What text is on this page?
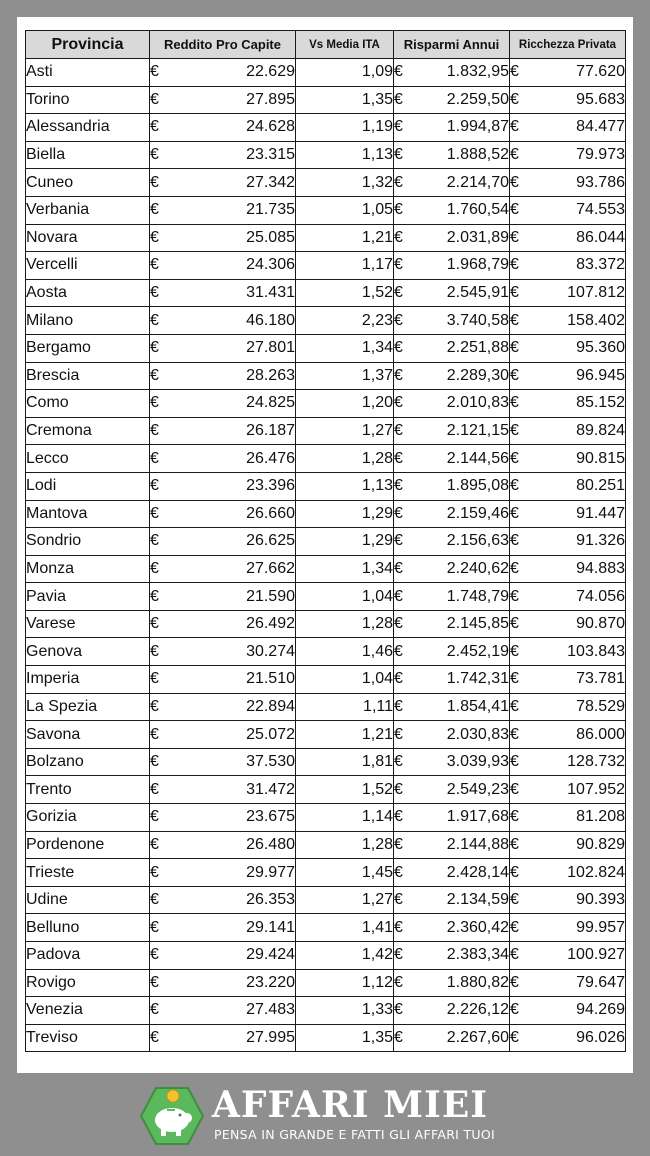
Provincia	Reddito Pro Capite	Vs Media ITA	Risparmi Annui	Ricchezza Privata
Asti	€ 22.629	1,09	€ 1.832,95	€ 77.620

Torino	€ 27.895	1,35	€ 2.259,50	€ 95.683

Alessandria	€ 24.628	1,19	€ 1.994,87	€ 84.477

Biella	€ 23.315	1,13	€ 1.888,52	€ 79.973

Cuneo	€ 27.342	1,32	€ 2.214,70	€ 93.786

Verbania	€ 21.735	1,05	€ 1.760,54	€ 74.553

Novara	€ 25.085	1,21	€ 2.031,89	€ 86.044

Vercelli	€ 24.306	1,17	€ 1.968,79	€ 83.372

Aosta	€ 31.431	1,52	€ 2.545,91	€ 107.812

Milano	€ 46.180	2,23	€ 3.740,58	€ 158.402

Bergamo	€ 27.801	1,34	€ 2.251,88	€ 95.360

Brescia	€ 28.263	1,37	€ 2.289,30	€ 96.945

Como	€ 24.825	1,20	€ 2.010,83	€ 85.152

Cremona	€ 26.187	1,27	€ 2.121,15	€ 89.824

Lecco	€ 26.476	1,28	€ 2.144,56	€ 90.815

Lodi	€ 23.396	1,13	€ 1.895,08	€ 80.251

Mantova	€ 26.660	1,29	€ 2.159,46	€ 91.447

Sondrio	€ 26.625	1,29	€ 2.156,63	€ 91.326

Monza	€ 27.662	1,34	€ 2.240,62	€ 94.883

Pavia	€ 21.590	1,04	€ 1.748,79	€ 74.056

Varese	€ 26.492	1,28	€ 2.145,85	€ 90.870

Genova	€ 30.274	1,46	€ 2.452,19	€ 103.843

Imperia	€ 21.510	1,04	€ 1.742,31	€ 73.781

La Spezia	€ 22.894	1,11	€ 1.854,41	€ 78.529

Savona	€ 25.072	1,21	€ 2.030,83	€ 86.000

Bolzano	€ 37.530	1,81	€ 3.039,93	€ 128.732

Trento	€ 31.472	1,52	€ 2.549,23	€ 107.952

Gorizia	€ 23.675	1,14	€ 1.917,68	€ 81.208

Pordenone	€ 26.480	1,28	€ 2.144,88	€ 90.829

Trieste	€ 29.977	1,45	€ 2.428,14	€ 102.824

Udine	€ 26.353	1,27	€ 2.134,59	€ 90.393

Belluno	€ 29.141	1,41	€ 2.360,42	€ 99.957

Padova	€ 29.424	1,42	€ 2.383,34	€ 100.927

Rovigo	€ 23.220	1,12	€ 1.880,82	€ 79.647

Venezia	€ 27.483	1,33	€ 2.226,12	€ 94.269

Treviso	€ 27.995	1,35	€ 2.267,60	€ 96.026
AFFARI MIEI
PENSA IN GRANDE E FATTI GLI AFFARI TUOI
